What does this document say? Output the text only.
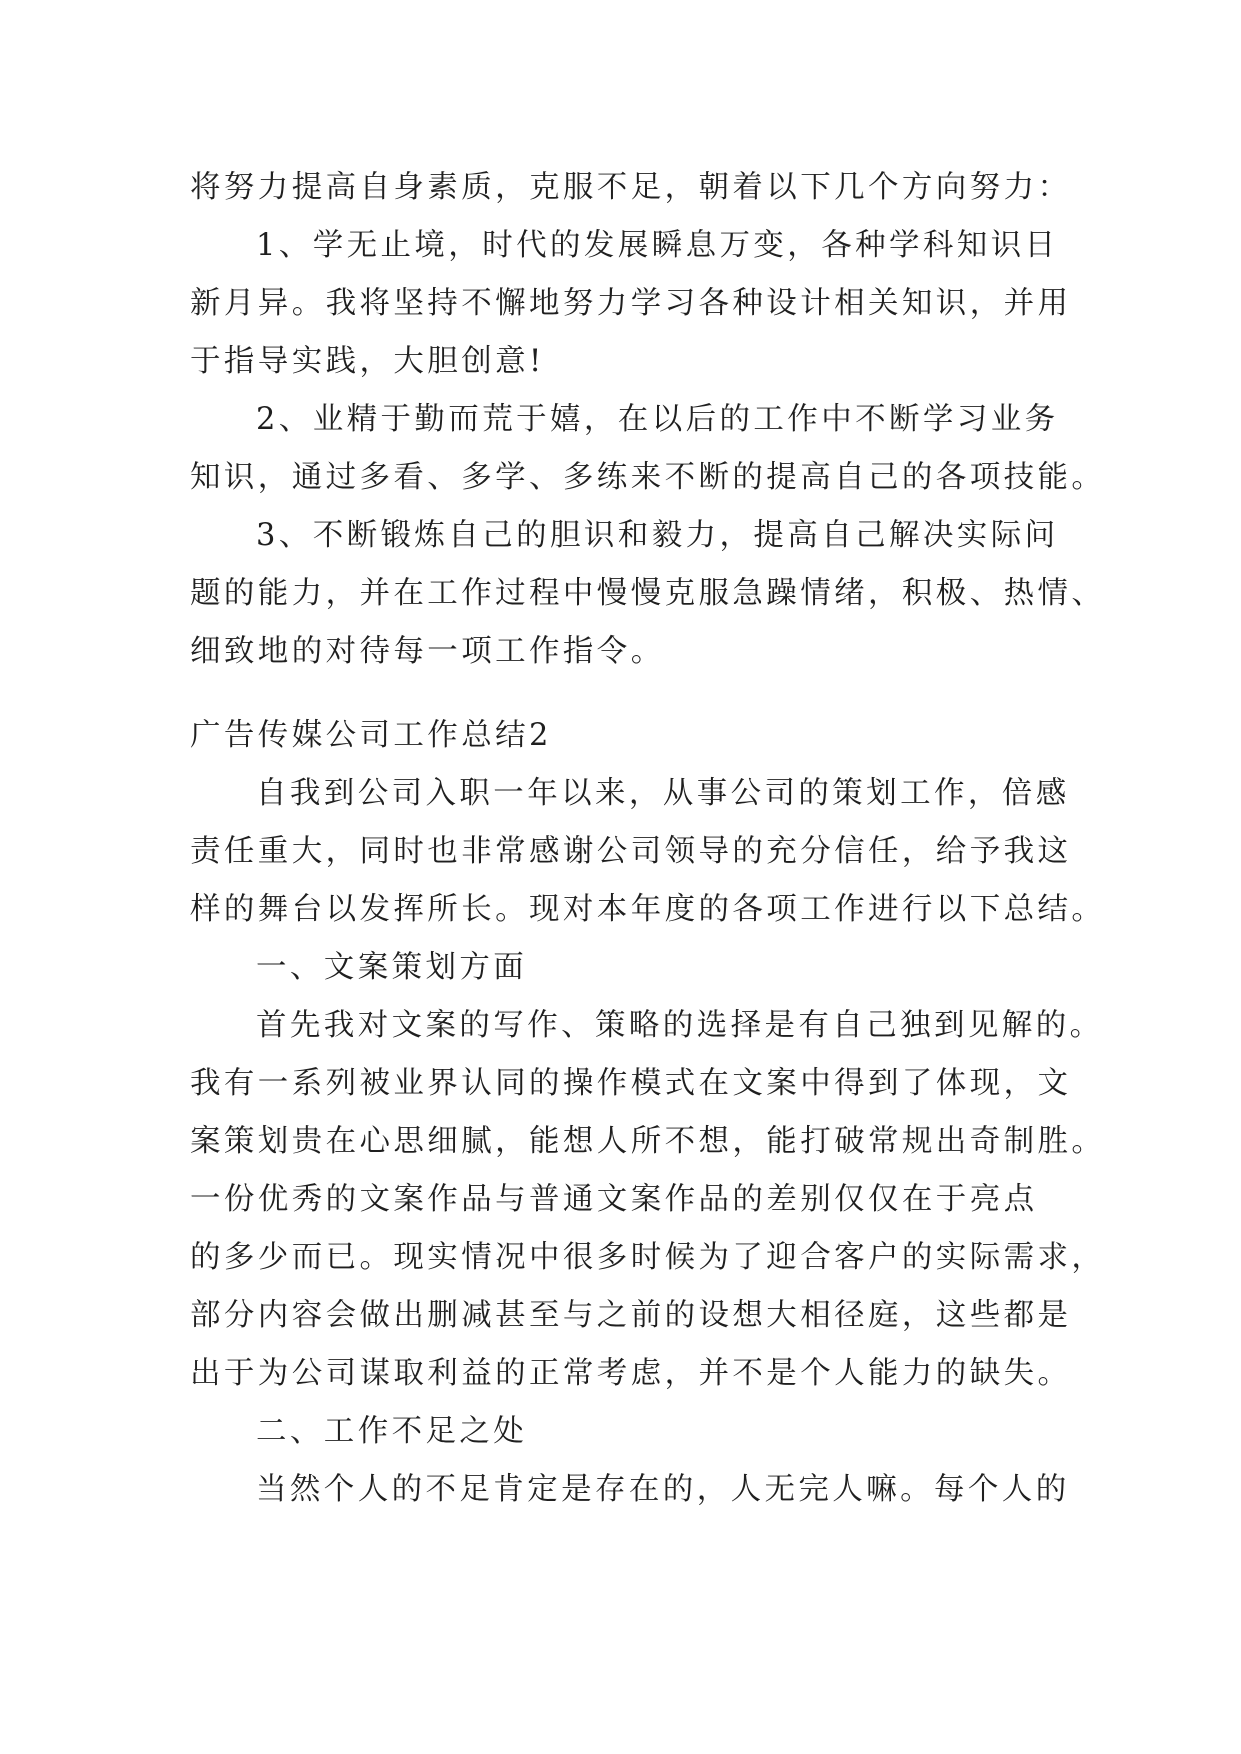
将努力提高自身素质，克服不足，朝着以下几个方向努力：
1、学无止境，时代的发展瞬息万变，各种学科知识日
新月异。我将坚持不懈地努力学习各种设计相关知识，并用
于指导实践，大胆创意!
2、业精于勤而荒于嬉，在以后的工作中不断学习业务
知识，通过多看、多学、多练来不断的提高自己的各项技能。
3、不断锻炼自己的胆识和毅力，提高自己解决实际问
题的能力，并在工作过程中慢慢克服急躁情绪，积极、热情、
细致地的对待每一项工作指令。
广告传媒公司工作总结2
自我到公司入职一年以来，从事公司的策划工作，倍感
责任重大，同时也非常感谢公司领导的充分信任，给予我这
样的舞台以发挥所长。现对本年度的各项工作进行以下总结。
一、文案策划方面
首先我对文案的写作、策略的选择是有自己独到见解的。
我有一系列被业界认同的操作模式在文案中得到了体现，文
案策划贵在心思细腻，能想人所不想，能打破常规出奇制胜。
一份优秀的文案作品与普通文案作品的差别仅仅在于亮点
的多少而已。现实情况中很多时候为了迎合客户的实际需求，
部分内容会做出删减甚至与之前的设想大相径庭，这些都是
出于为公司谋取利益的正常考虑，并不是个人能力的缺失。
二、工作不足之处
当然个人的不足肯定是存在的，人无完人嘛。每个人的
